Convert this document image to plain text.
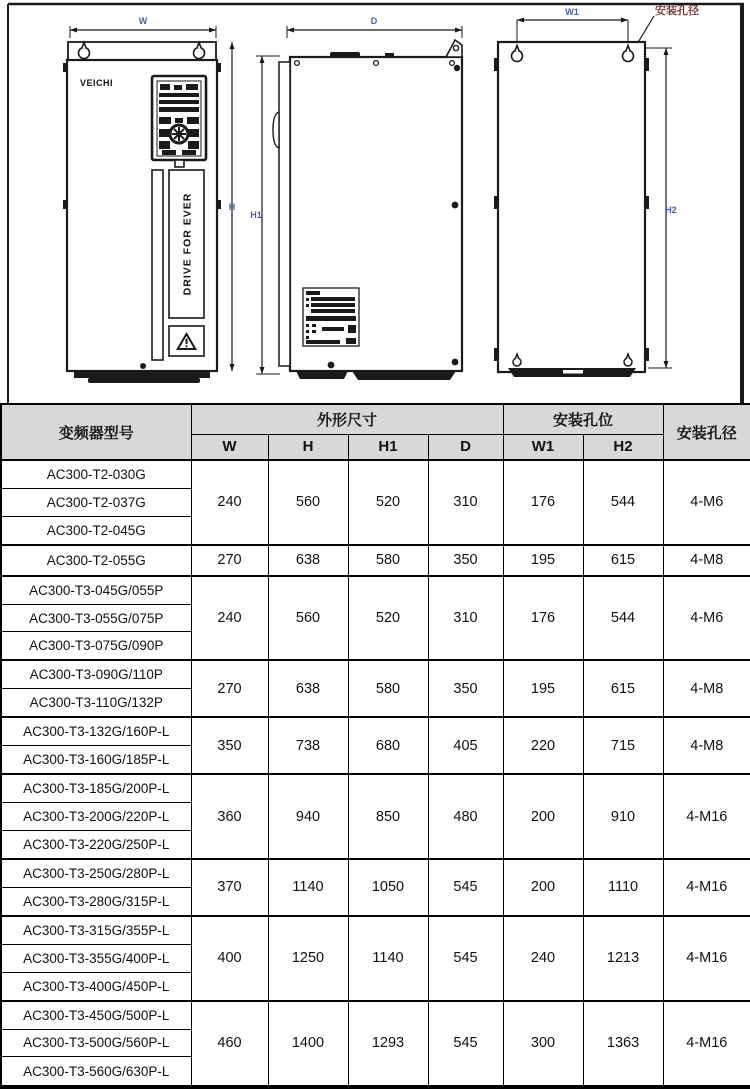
W
H
VEICHI
DRIVE FOR EVER
D
H1
W1	安装孔径
H2
变频器型号	外形尺寸				安装孔位		安装孔径
	W	H	H1	D	W1	H2	
AC300-T2-030G	240	560	520	310	176	544	4-M6
AC300-T2-037G							
AC300-T2-045G							
AC300-T2-055G	270	638	580	350	195	615	4-M8
AC300-T3-045G/055P	240	560	520	310	176	544	4-M6
AC300-T3-055G/075P							
AC300-T3-075G/090P							
AC300-T3-090G/110P	270	638	580	350	195	615	4-M8
AC300-T3-110G/132P							
AC300-T3-132G/160P-L	350	738	680	405	220	715	4-M8
AC300-T3-160G/185P-L							
AC300-T3-185G/200P-L	360	940	850	480	200	910	4-M16
AC300-T3-200G/220P-L							
AC300-T3-220G/250P-L							
AC300-T3-250G/280P-L	370	1140	1050	545	200	1110	4-M16
AC300-T3-280G/315P-L							
AC300-T3-315G/355P-L	400	1250	1140	545	240	1213	4-M16
AC300-T3-355G/400P-L							
AC300-T3-400G/450P-L							
AC300-T3-450G/500P-L	460	1400	1293	545	300	1363	4-M16
AC300-T3-500G/560P-L							
AC300-T3-560G/630P-L							
